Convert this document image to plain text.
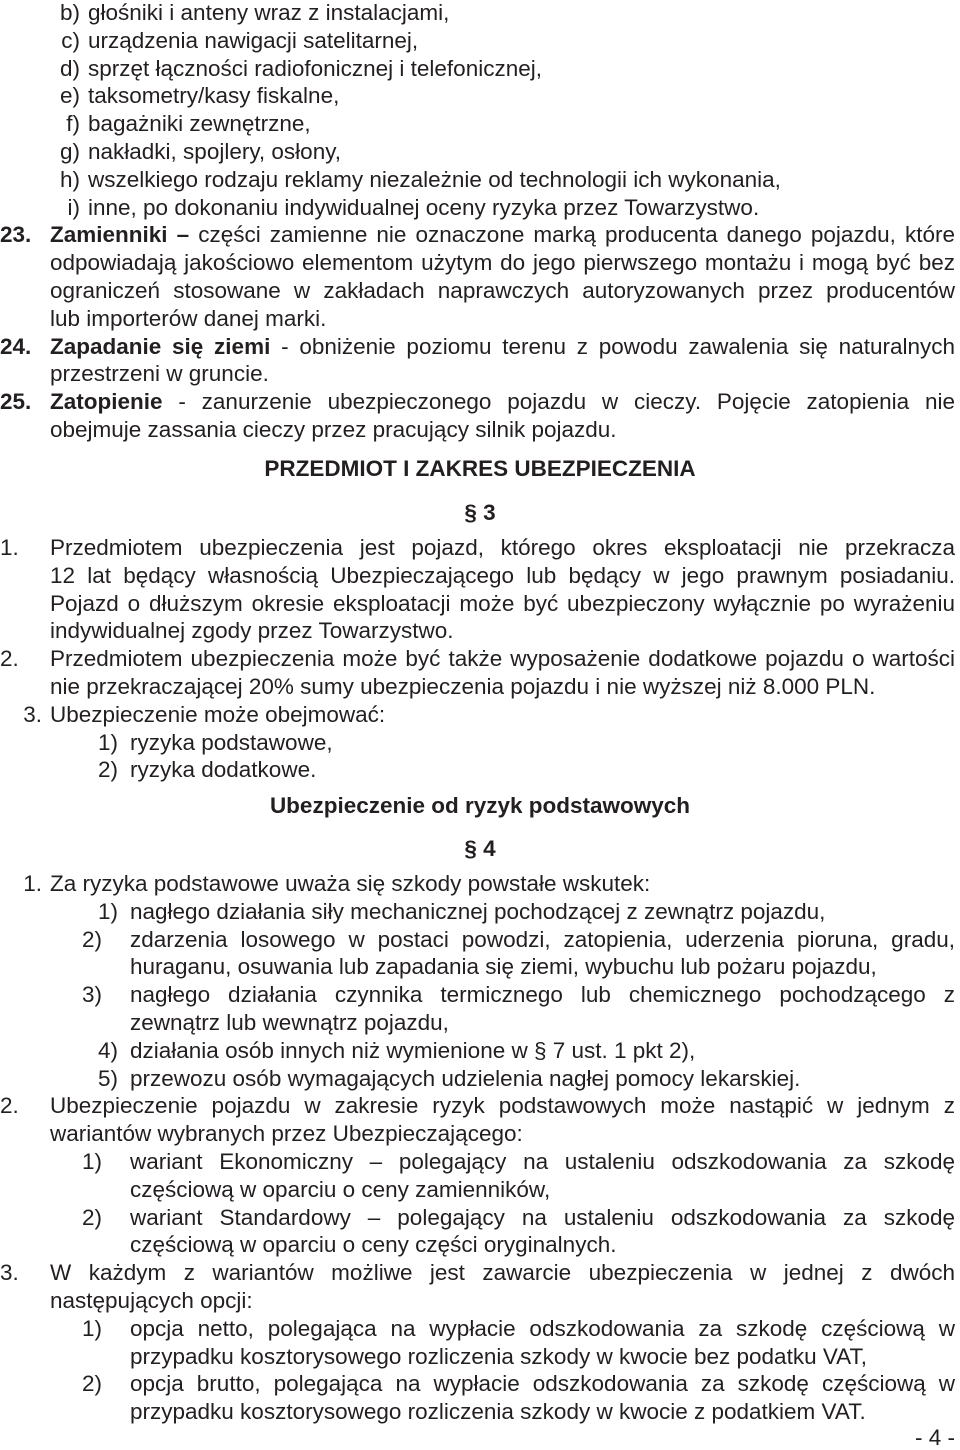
b) głośniki i anteny wraz z instalacjami,
c) urządzenia nawigacji satelitarnej,
d) sprzęt łączności radiofonicznej i telefonicznej,
e) taksometry/kasy fiskalne,
f) bagażniki zewnętrzne,
g) nakładki, spojlery, osłony,
h) wszelkiego rodzaju reklamy niezależnie od technologii ich wykonania,
i) inne, po dokonaniu indywidualnej oceny ryzyka przez Towarzystwo.
23. Zamienniki – części zamienne nie oznaczone marką producenta danego pojazdu, które
odpowiadają jakościowo elementom użytym do jego pierwszego montażu i mogą być bez
ograniczeń stosowane w zakładach naprawczych autoryzowanych przez producentów
lub importerów danej marki.
24. Zapadanie się ziemi - obniżenie poziomu terenu z powodu zawalenia się naturalnych
przestrzeni w gruncie.
25. Zatopienie - zanurzenie ubezpieczonego pojazdu w cieczy. Pojęcie zatopienia nie
obejmuje zassania cieczy przez pracujący silnik pojazdu.
PRZEDMIOT I ZAKRES UBEZPIECZENIA
§ 3
1.	Przedmiotem ubezpieczenia jest pojazd, którego okres eksploatacji nie przekracza
12 lat będący własnością Ubezpieczającego lub będący w jego prawnym posiadaniu.
Pojazd o dłuższym okresie eksploatacji może być ubezpieczony wyłącznie po wyrażeniu
indywidualnej zgody przez Towarzystwo.
2.	Przedmiotem ubezpieczenia może być także wyposażenie dodatkowe pojazdu o wartości
nie przekraczającej 20% sumy ubezpieczenia pojazdu i nie wyższej niż 8.000 PLN.
3. Ubezpieczenie może obejmować:
1) ryzyka podstawowe,
2) ryzyka dodatkowe.
Ubezpieczenie od ryzyk podstawowych
§ 4
1. Za ryzyka podstawowe uważa się szkody powstałe wskutek:
1) nagłego działania siły mechanicznej pochodzącej z zewnątrz pojazdu,
2)	zdarzenia losowego w postaci powodzi, zatopienia, uderzenia pioruna, gradu,
huraganu, osuwania lub zapadania się ziemi, wybuchu lub pożaru pojazdu,
3)	nagłego działania czynnika termicznego lub chemicznego pochodzącego z
zewnątrz lub wewnątrz pojazdu,
4) działania osób innych niż wymienione w § 7 ust. 1 pkt 2),
5) przewozu osób wymagających udzielenia nagłej pomocy lekarskiej.
2.	Ubezpieczenie pojazdu w zakresie ryzyk podstawowych może nastąpić w jednym z
wariantów wybranych przez Ubezpieczającego:
1)	wariant Ekonomiczny – polegający na ustaleniu odszkodowania za szkodę
częściową w oparciu o ceny zamienników,
2)	wariant Standardowy – polegający na ustaleniu odszkodowania za szkodę
częściową w oparciu o ceny części oryginalnych.
3.	W każdym z wariantów możliwe jest zawarcie ubezpieczenia w jednej z dwóch
następujących opcji:
1)	opcja netto, polegająca na wypłacie odszkodowania za szkodę częściową w
przypadku kosztorysowego rozliczenia szkody w kwocie bez podatku VAT,
2)	opcja brutto, polegająca na wypłacie odszkodowania za szkodę częściową w
przypadku kosztorysowego rozliczenia szkody w kwocie z podatkiem VAT.
- 4 -
